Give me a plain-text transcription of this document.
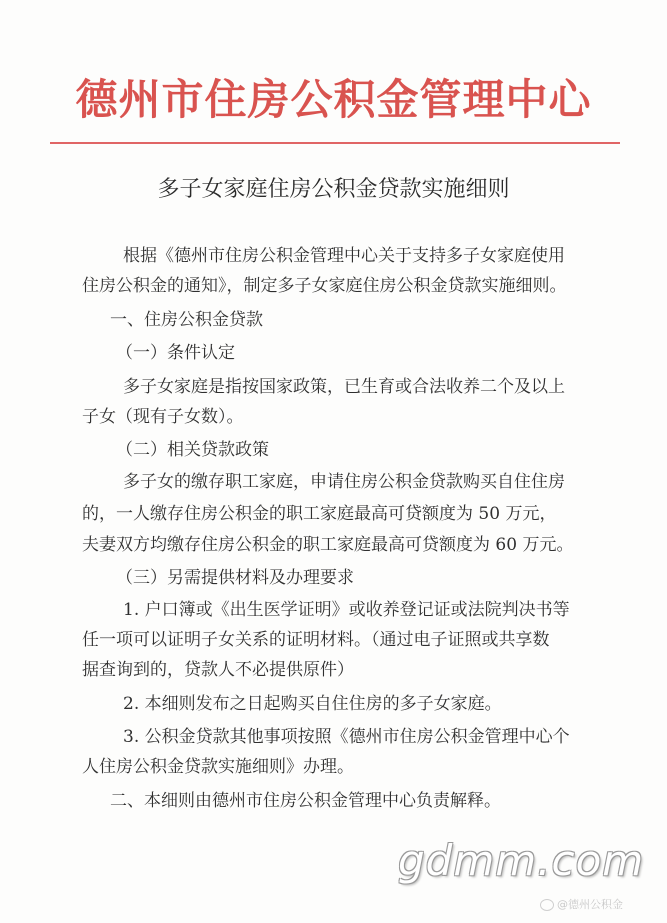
德州市住房公积金管理中心
多子女家庭住房公积金贷款实施细则
根据《德州市住房公积金管理中心关于支持多子女家庭使用
住房公积金的通知》，制定多子女家庭住房公积金贷款实施细则。
一、住房公积金贷款
（一）条件认定
多子女家庭是指按国家政策，已生育或合法收养二个及以上
子女（现有子女数）。
（二）相关贷款政策
多子女的缴存职工家庭，申请住房公积金贷款购买自住住房
的，一人缴存住房公积金的职工家庭最高可贷额度为 50 万元，
夫妻双方均缴存住房公积金的职工家庭最高可贷额度为 60 万元。
（三）另需提供材料及办理要求
1. 户口簿或《出生医学证明》或收养登记证或法院判决书等
任一项可以证明子女关系的证明材料。（通过电子证照或共享数
据查询到的，贷款人不必提供原件）
2. 本细则发布之日起购买自住住房的多子女家庭。
3. 公积金贷款其他事项按照《德州市住房公积金管理中心个
人住房公积金贷款实施细则》办理。
二、本细则由德州市住房公积金管理中心负责解释。
gdmm.com
@德州公积金
